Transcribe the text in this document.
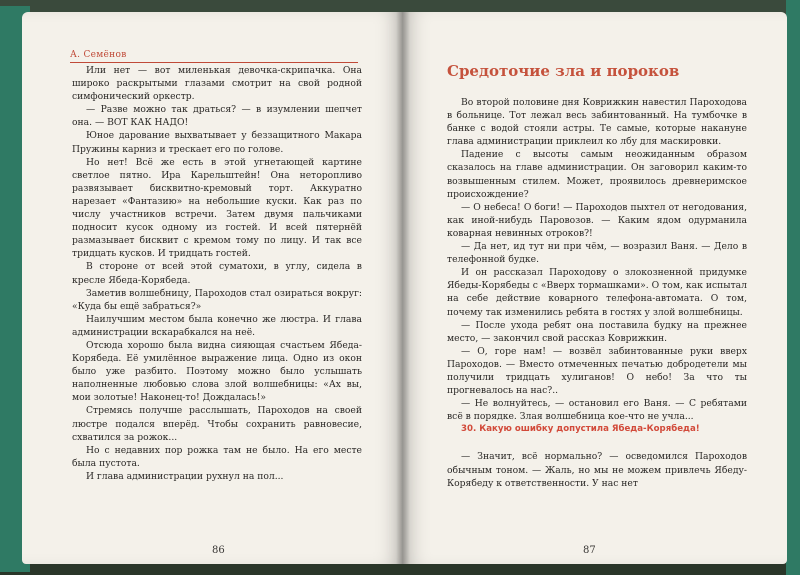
А. Семёнов

Или нет — вот миленькая девочка-скрипачка. Она широко раскрытыми глазами смотрит на свой родной симфонический оркестр.

— Разве можно так драться? — в изумлении шепчет она. — ВОТ КАК НАДО!

Юное дарование выхватывает у беззащитного Макара Пружины карниз и трескает его по голове.

Но нет! Всё же есть в этой угнетающей картине светлое пятно. Ира Карельштейн! Она неторопливо развязывает бисквитно-кремовый торт. Аккуратно нарезает «Фантазию» на небольшие куски. Как раз по числу участников встречи. Затем двумя пальчиками подносит кусок одному из гостей. И всей пятернёй размазывает бисквит с кремом тому по лицу. И так все тридцать кусков. И тридцать гостей.

В стороне от всей этой суматохи, в углу, сидела в кресле Ябеда-Корябеда.

Заметив волшебницу, Пароходов стал озираться вокруг: «Куда бы ещё забраться?»

Наилучшим местом была конечно же люстра. И глава администрации вскарабкался на неё.

Отсюда хорошо была видна сияющая счастьем Ябеда-Корябеда. Её умилённое выражение лица. Одно из окон было уже разбито. Поэтому можно было услышать наполненные любовью слова злой волшебницы: «Ах вы, мои золотые! Наконец-то! Дождалась!»

Стремясь получше расслышать, Пароходов на своей люстре подался вперёд. Чтобы сохранить равновесие, схватился за рожок...

Но с недавних пор рожка там не было. На его месте была пустота.

И глава администрации рухнул на пол...

86
Средоточие зла и пороков

Во второй половине дня Коврижкин навестил Пароходова в больнице. Тот лежал весь забинтованный. На тумбочке в банке с водой стояли астры. Те самые, которые накануне глава администрации приклеил ко лбу для маскировки.

Падение с высоты самым неожиданным образом сказалось на главе администрации. Он заговорил каким-то возвышенным стилем. Может, проявилось древнеримское происхождение?

— О небеса! О боги! — Пароходов пыхтел от негодования, как иной-нибудь Паровозов. — Каким ядом одурманила коварная невинных отроков?!

— Да нет, ид тут ни при чём, — возразил Ваня. — Дело в телефонной будке.

И он рассказал Пароходову о злокозненной придумке Ябеды-Корябеды с «Вверх тормашками». О том, как испытал на себе действие коварного телефона-автомата. О том, почему так изменились ребята в гостях у злой волшебницы.

— После ухода ребят она поставила будку на прежнее место, — закончил свой рассказ Коврижкин.

— О, горе нам! — возвёл забинтованные руки вверх Пароходов. — Вместо отмеченных печатью добродетели мы получили тридцать хулиганов! О небо! За что ты прогневалось на нас?..

— Не волнуйтесь, — остановил его Ваня. — С ребятами всё в порядке. Злая волшебница кое-что не учла...

30. Какую ошибку допустила Ябеда-Корябеда!

— Значит, всё нормально? — осведомился Пароходов обычным тоном. — Жаль, но мы не можем привлечь Ябеду-Корябеду к ответственности. У нас нет

87
